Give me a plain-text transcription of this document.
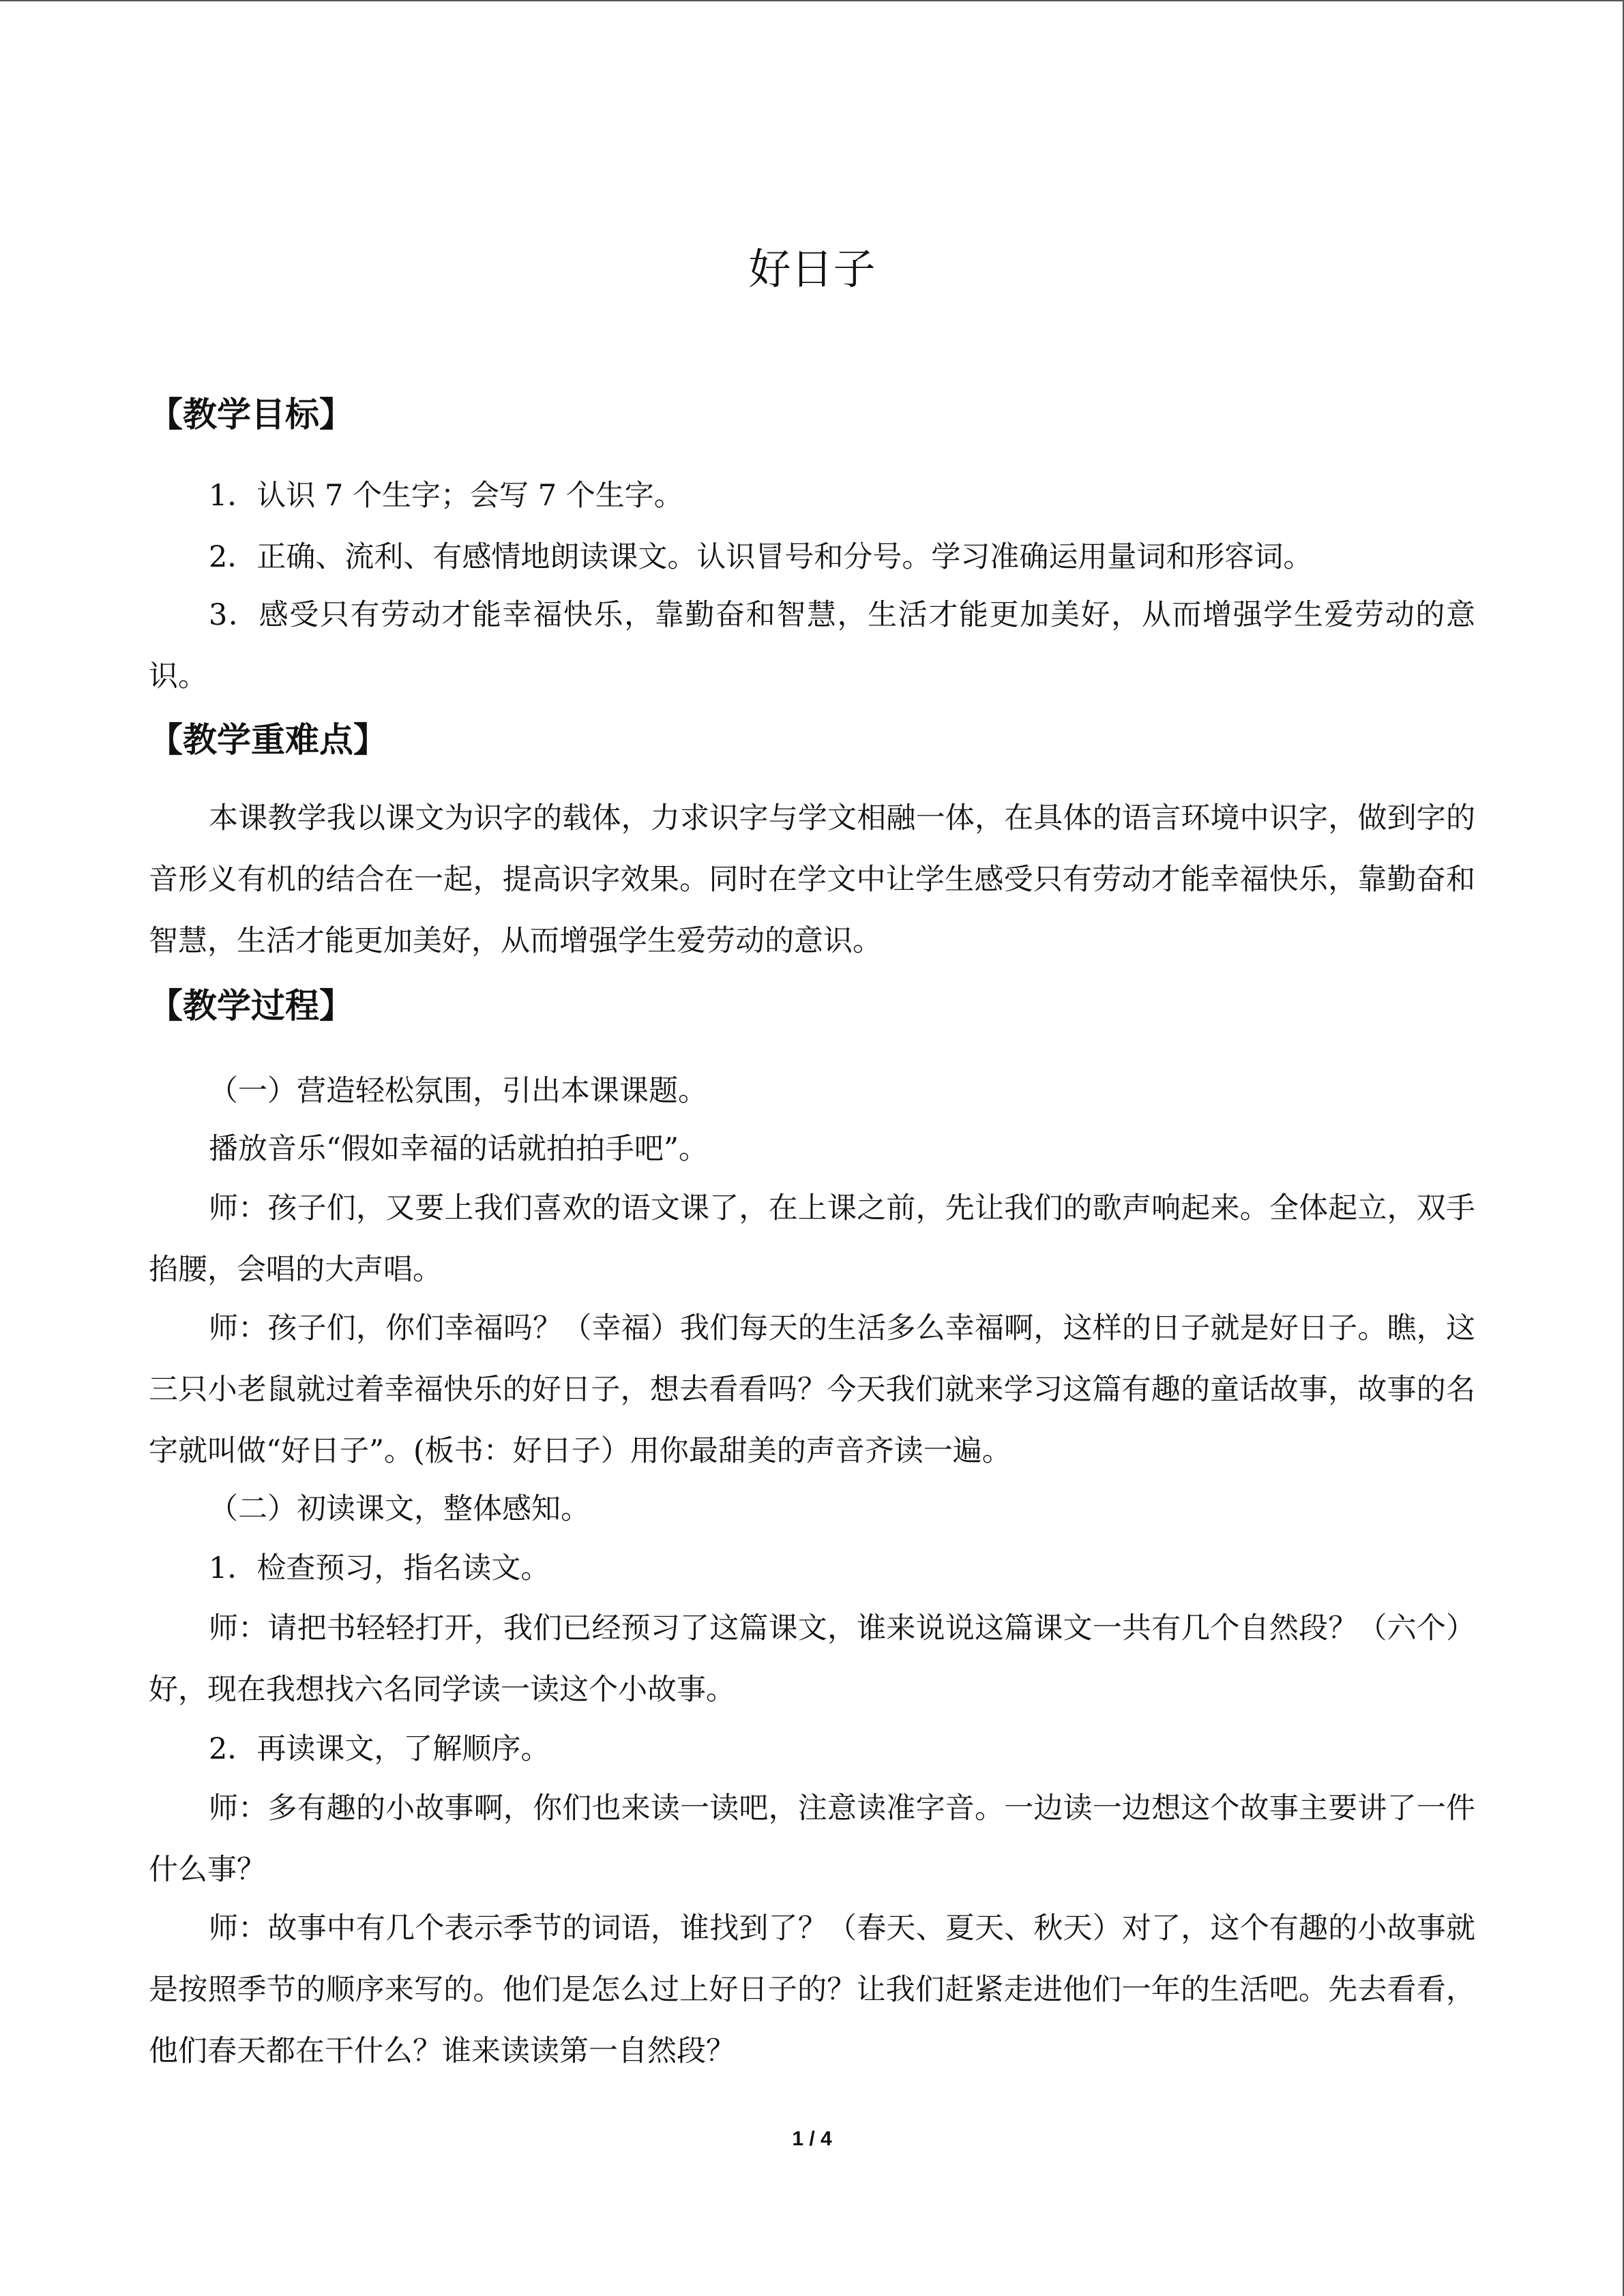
好日子
【教学目标】

1．认识 7 个生字；会写 7 个生字。

2．正确、流利、有感情地朗读课文。认识冒号和分号。学习准确运用量词和形容词。

3．感受只有劳动才能幸福快乐，靠勤奋和智慧，生活才能更加美好，从而增强学生爱劳动的意识。

【教学重难点】

本课教学我以课文为识字的载体，力求识字与学文相融一体，在具体的语言环境中识字，做到字的音形义有机的结合在一起，提高识字效果。同时在学文中让学生感受只有劳动才能幸福快乐，靠勤奋和智慧，生活才能更加美好，从而增强学生爱劳动的意识。

【教学过程】

（一）营造轻松氛围，引出本课课题。

播放音乐“假如幸福的话就拍拍手吧”。

师：孩子们，又要上我们喜欢的语文课了，在上课之前，先让我们的歌声响起来。全体起立，双手掐腰，会唱的大声唱。

师：孩子们，你们幸福吗？（幸福）我们每天的生活多么幸福啊，这样的日子就是好日子。瞧，这三只小老鼠就过着幸福快乐的好日子，想去看看吗？今天我们就来学习这篇有趣的童话故事，故事的名字就叫做“好日子”。(板书：好日子）用你最甜美的声音齐读一遍。

（二）初读课文，整体感知。

1．检查预习，指名读文。

师：请把书轻轻打开，我们已经预习了这篇课文，谁来说说这篇课文一共有几个自然段？（六个）好，现在我想找六名同学读一读这个小故事。

2．再读课文，了解顺序。

师：多有趣的小故事啊，你们也来读一读吧，注意读准字音。一边读一边想这个故事主要讲了一件什么事？

师：故事中有几个表示季节的词语，谁找到了？（春天、夏天、秋天）对了，这个有趣的小故事就是按照季节的顺序来写的。他们是怎么过上好日子的？让我们赶紧走进他们一年的生活吧。先去看看，他们春天都在干什么？谁来读读第一自然段？

1 / 4
